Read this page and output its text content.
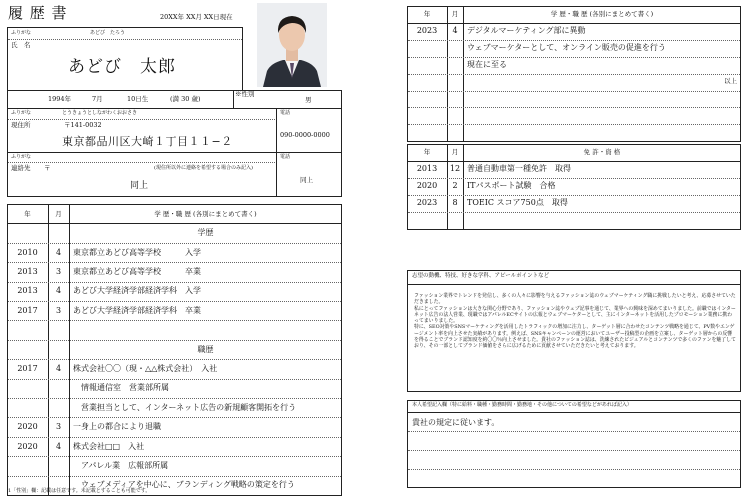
履 歴 書	20XX年 XX月 XX日現在
ふりがな	あどび　たろう
氏　名
あどび　太郎
1994年	7月	10日生	(満 30 歳)
※性別
男
ふりがな	とうきょうとしながわくおおさき
現住所	〒141-0032
東京都品川区大崎１丁目１１−２
電話
090-0000-0000
ふりがな
連絡先 〒	(現住所以外に連絡を希望する場合のみ記入)
同上
電話
同上
年	月	学 歴・職 歴 (各別にまとめて書く)
学歴
2010	4	東京都立あどび高等学校　　　入学
2013	3	東京都立あどび高等学校　　　卒業
2013	4	あどび大学経済学部経済学科　入学
2017	3	あどび大学経済学部経済学科　卒業
職歴
2017	4	株式会社〇〇（現・△△株式会社）　入社
　情報通信室　営業部所属
　営業担当として、インターネット広告の新規顧客開拓を行う
2020	3	一身上の都合により退職
2020	4	株式会社□□　入社
　アパレル業　広報部所属
　ウェブメディアを中心に、ブランディング戦略の策定を行う
1「性別」欄：記載は任意です。未記載とすることも可能です。
年	月	学 歴・職 歴 (各別にまとめて書く)
2023	4	デジタルマーケティング部に異動
ウェブマーケターとして、オンライン販売の促進を行う
現在に至る
以上
年	月	免 許・資 格
2013	12 普通自動車第一種免許　取得
2020	2	ITパスポート試験　合格
2023	8	TOEIC スコア750点　取得
志望の動機、特技、好きな学科、アピールポイントなど
ファッション業界でトレンドを発信し、多くの人々に影響を与えるファッション誌のウェブマーケティング職に挑戦したいと考え、応募させていただきました。
私にとってファッションは大きな関心分野であり、ファッション誌やウェブ記事を通じて、業界への興味を深めてまいりました。前職ではインターネット広告の法人営業、現職ではアパレルECサイトの広報とウェブマーケターとして、主にインターネットを活用したプロモーション業務に携わってまいりました。
特に、SEO対策やSNSマーケティングを活用したトラフィックの増加に注力し、ターゲット層に合わせたコンテンツ戦略を通じて、PV数やエンゲージメント率を向上させた実績があります。例えば、SNSキャンペーンの運営においてユーザー投稿型の企画を立案し、ターゲット層からの反響を得ることでブランド認知度を約〇〇％向上させました。貴社のファッション誌は、洗練されたビジュアルとコンテンツで多くのファンを魅了しており、その一部としてブランド価値をさらに広げるために貢献させていただきたいと考えております。
本人希望記入欄（特に給料・職種・勤務時間・勤務地・その他についての希望などがあれば記入）
貴社の規定に従います。
